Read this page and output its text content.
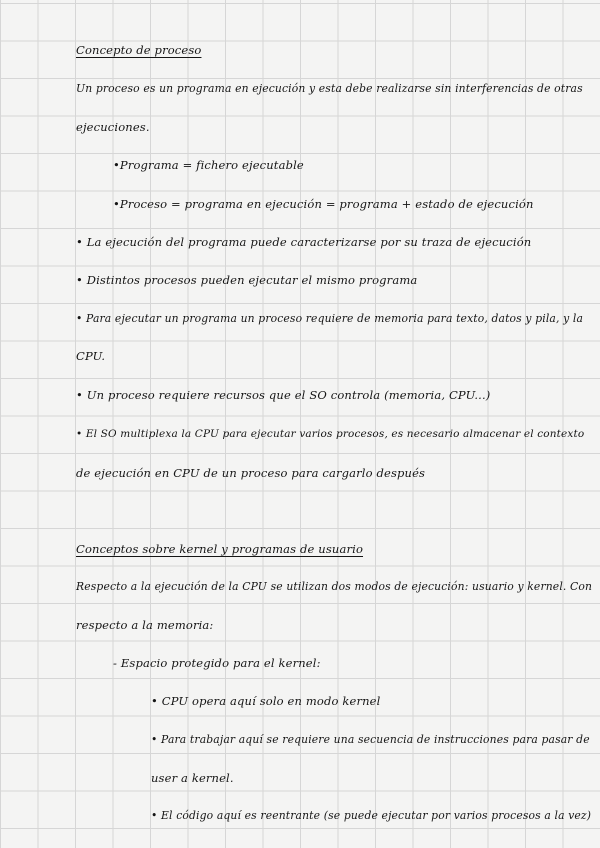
Concepto de proceso
Un proceso es un programa en ejecución y esta debe realizarse sin interferencias de otras
ejecuciones.
•Programa = fichero ejecutable
•Proceso = programa en ejecución = programa + estado de ejecución
• La ejecución del programa puede caracterizarse por su traza de ejecución
• Distintos procesos pueden ejecutar el mismo programa
• Para ejecutar un programa un proceso requiere de memoria para texto, datos y pila, y la
CPU.
• Un proceso requiere recursos que el SO controla (memoria, CPU...)
• El SO multiplexa la CPU para ejecutar varios procesos, es necesario almacenar el contexto
de ejecución en CPU de un proceso para cargarlo después
Conceptos sobre kernel y programas de usuario
Respecto a la ejecución de la CPU se utilizan dos modos de ejecución: usuario y kernel. Con
respecto a la memoria:
- Espacio protegido para el kernel:
• CPU opera aquí solo en modo kernel
• Para trabajar aquí se requiere una secuencia de instrucciones para pasar de
user a kernel.
• El código aquí es reentrante (se puede ejecutar por varios procesos a la vez)
